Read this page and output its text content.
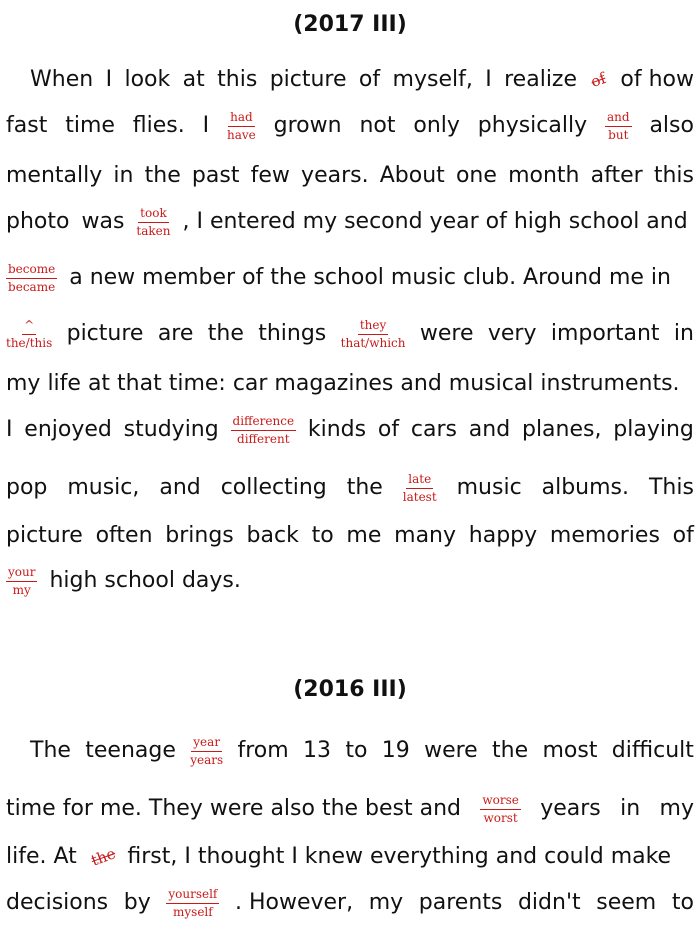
(2017 III)
When I look at this picture of myself, I realize of of how
fast time flies. I had
have grown not only physically and
but also
mentally in the past few years. About one month after this
photo was took
taken , I entered my second year of high school and
become
became a new member of the school music club. Around me in
^
the/this picture are the things	they
that/which were very important in
my life at that time: car magazines and musical instruments.
I enjoyed studying difference
different kinds of cars and planes, playing
pop music, and collecting the late
latest music albums. This
picture often brings back to me many happy memories of
your
my high school days.
(2016 III)
The teenage year
years from 13 to 19 were the most difficult
time for me. They were also the best and worse
worst years in my
life. At the first, I thought I knew everything and could make
decisions by yourself
myself . However, my parents didn't seem to
